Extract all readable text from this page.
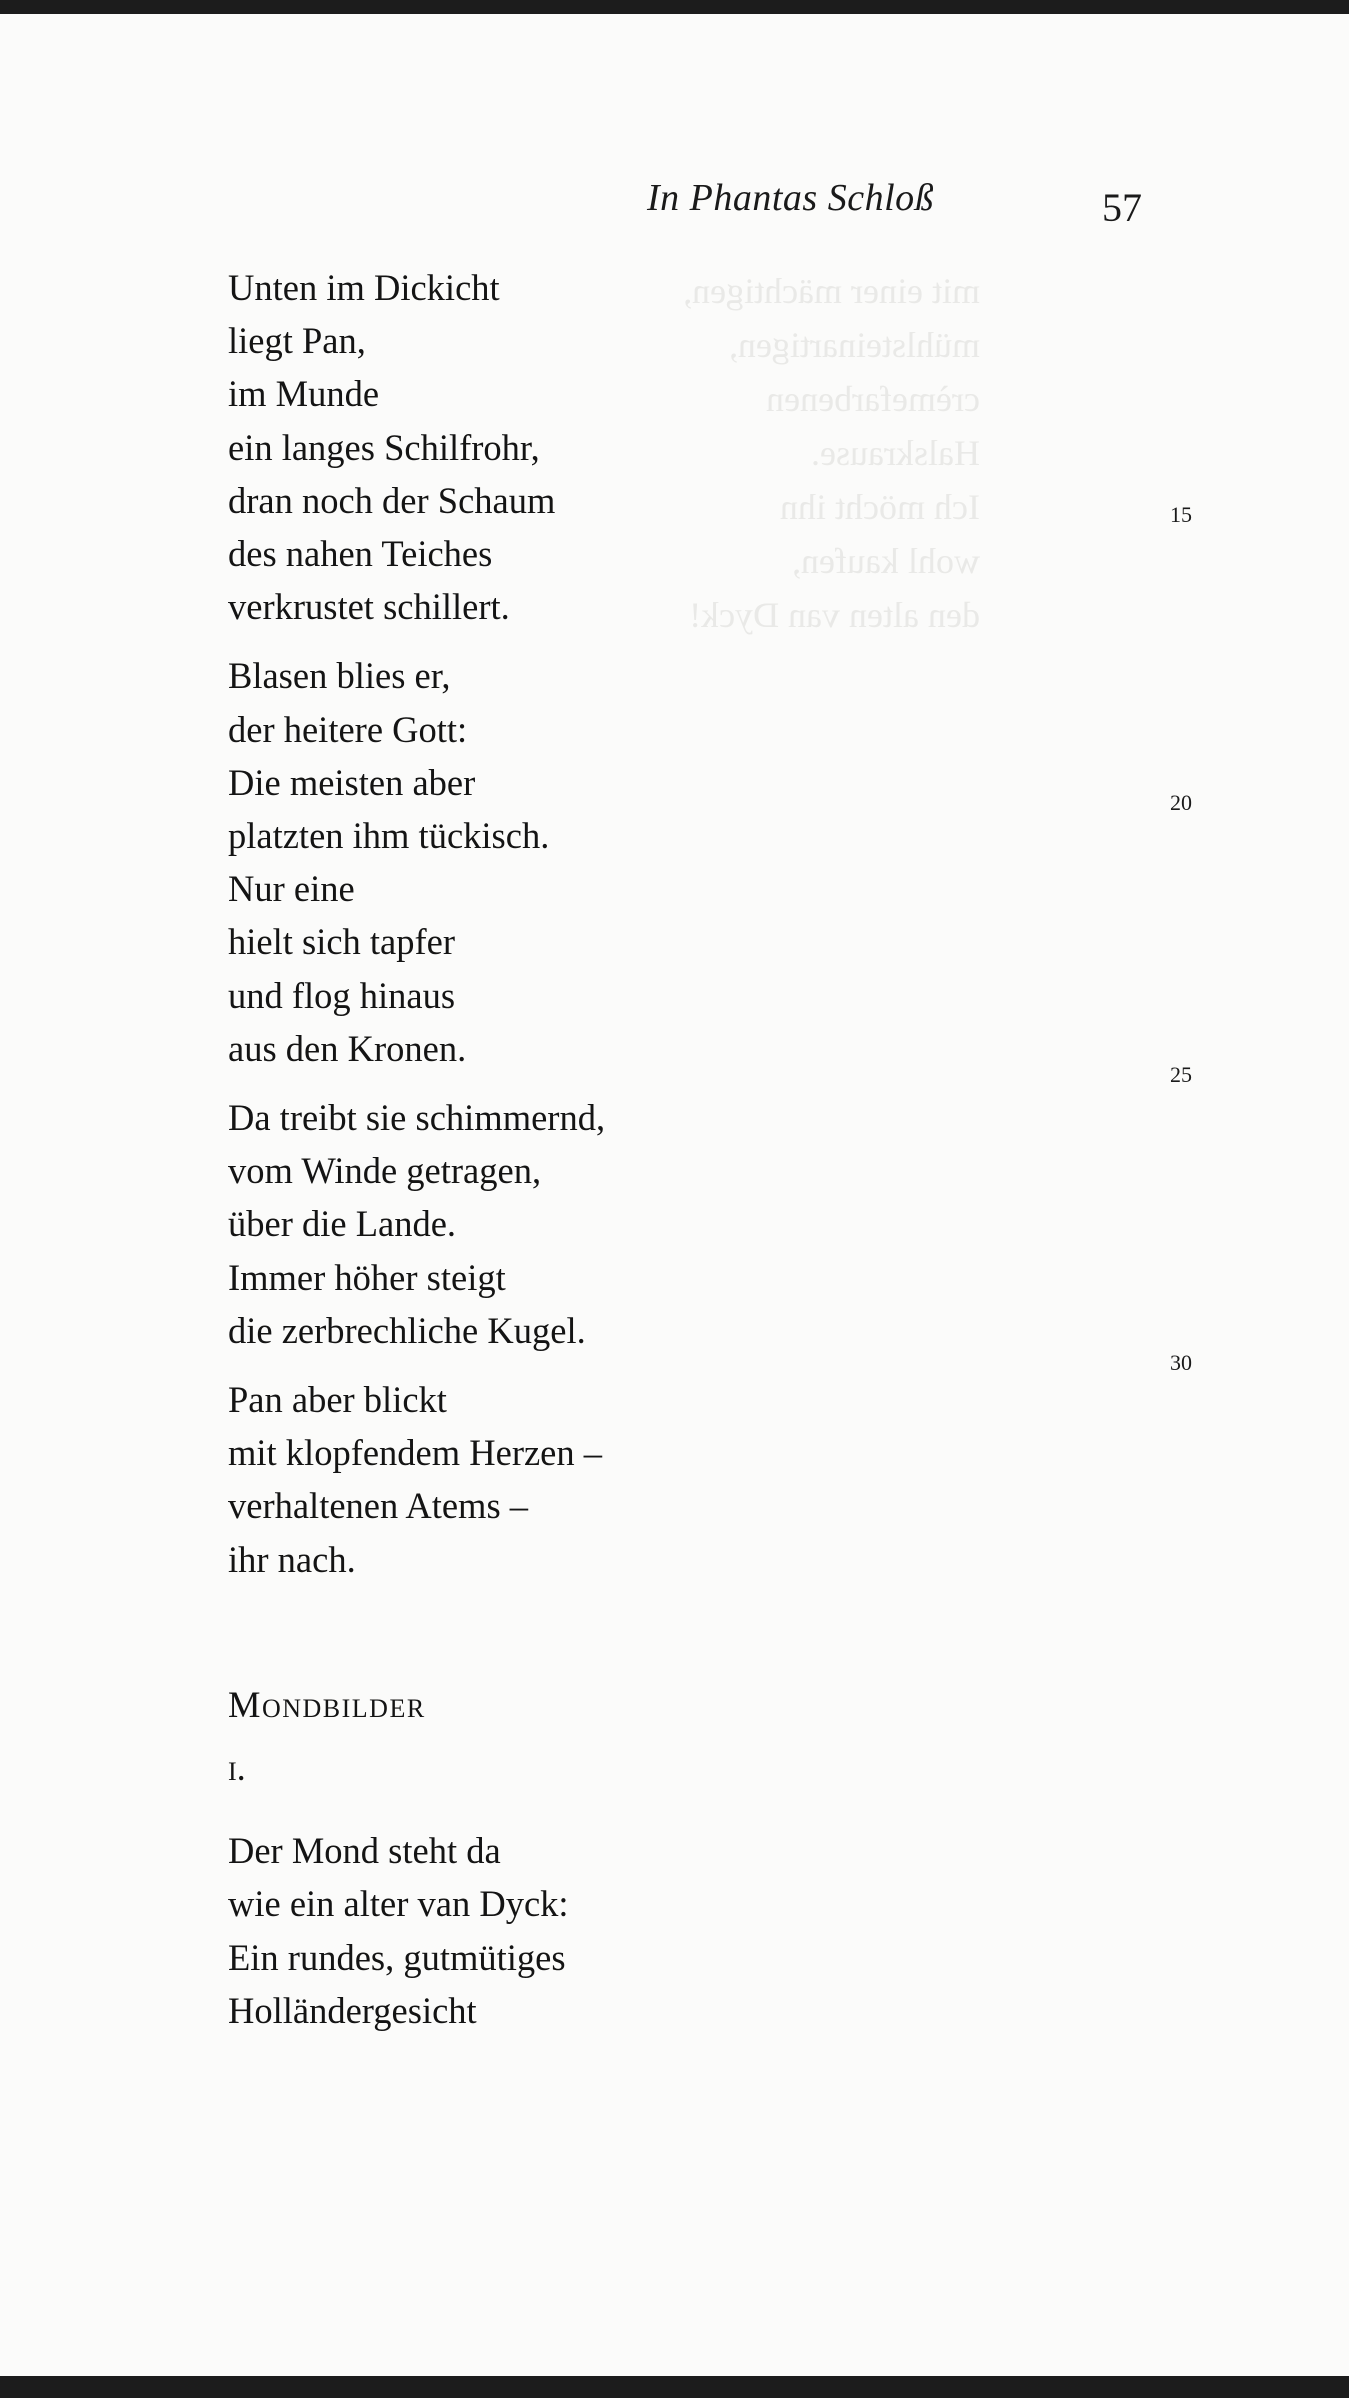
mit einer mächtigen,
mühlsteinartigen,
crèmefarbenen
Halskrause.
Ich möcht ihn
wohl kaufen,
den alten van Dyck!
In Phantas Schloß	57
Unten im Dickicht
liegt Pan,
im Munde
ein langes Schilfrohr,
dran noch der Schaum
des nahen Teiches
verkrustet schillert.
Blasen blies er,
der heitere Gott:
Die meisten aber
platzten ihm tückisch.
Nur eine
hielt sich tapfer
und flog hinaus
aus den Kronen.
Da treibt sie schimmernd,
vom Winde getragen,
über die Lande.
Immer höher steigt
die zerbrechliche Kugel.
Pan aber blickt
mit klopfendem Herzen –
verhaltenen Atems –
ihr nach.
Mondbilder
i.
Der Mond steht da
wie ein alter van Dyck:
Ein rundes, gutmütiges
Holländergesicht
15
20
25
30
